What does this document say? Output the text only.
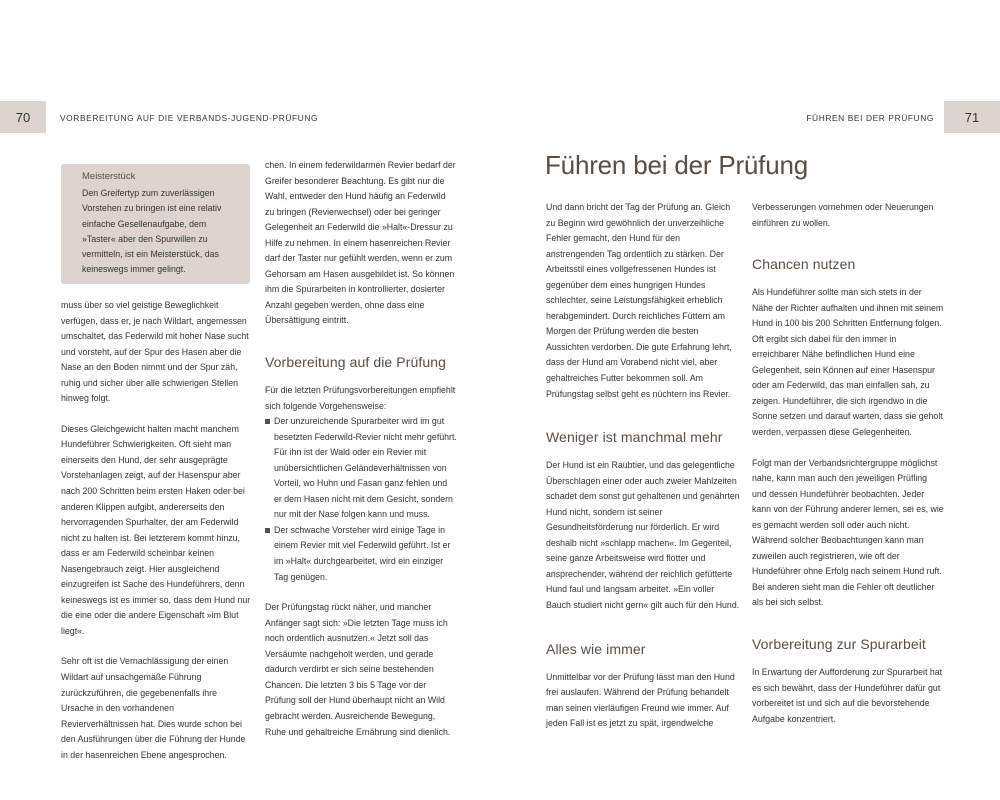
70	VORBEREITUNG AUF DIE VERBANDS-JUGEND-PRÜFUNG	FÜHREN BEI DER PRÜFUNG 71
Meisterstück
Den Greifertyp zum zuverlässigen Vorstehen zu bringen ist eine relativ einfache Gesellenaufgabe, dem »Taster« aber den Spurwillen zu vermitteln, ist ein Meisterstück, das keineswegs immer gelingt.

muss über so viel geistige Beweglichkeit verfügen, dass er, je nach Wildart, angemessen umschaltet, das Federwild mit hoher Nase sucht und vorsteht, auf der Spur des Hasen aber die Nase an den Boden nimmt und der Spur zäh, ruhig und sicher über alle schwierigen Stellen hinweg folgt.

Dieses Gleichgewicht halten macht manchem Hundeführer Schwierigkeiten. Oft sieht man einerseits den Hund, der sehr ausgeprägte Vorstehanlagen zeigt, auf der Hasenspur aber nach 200 Schritten beim ersten Haken oder bei anderen Klippen aufgibt, andererseits den hervorragenden Spurhalter, der am Federwild nicht zu halten ist. Bei letzterem kommt hinzu, dass er am Federwild scheinbar keinen Nasengebrauch zeigt. Hier ausgleichend einzugreifen ist Sache des Hundeführers, denn keineswegs ist es immer so, dass dem Hund nur die eine oder die andere Eigenschaft »im Blut liegt«.

Sehr oft ist die Vernachlässigung der einen Wildart auf unsachgemäße Führung zurückzuführen, die gegebenenfalls ihre Ursache in den vorhandenen Revierverhältnissen hat. Dies wurde schon bei den Ausführungen über die Führung der Hunde in der hasenreichen Ebene angesprochen.

chen. In einem federwildarmen Revier bedarf der Greifer besonderer Beachtung. Es gibt nur die Wahl, entweder den Hund häufig an Federwild zu bringen (Revierwechsel) oder bei geringer Gelegenheit an Federwild die »Halt«-Dressur zu Hilfe zu nehmen. In einem hasenreichen Revier darf der Taster nur gefühlt werden, wenn er zum Gehorsam am Hasen ausgebildet ist. So können ihm die Spurarbeiten in kontrollierter, dosierter Anzahl gegeben werden, ohne dass eine Übersättigung eintritt.

Vorbereitung auf die Prüfung

Für die letzten Prüfungsvorbereitungen empfiehlt sich folgende Vorgehensweise:

Der unzureichende Spurarbeiter wird im gut besetzten Federwild-Revier nicht mehr geführt. Für ihn ist der Wald oder ein Revier mit unübersichtlichen Geländeverhältnissen von Vorteil, wo Huhn und Fasan ganz fehlen und er dem Hasen nicht mit dem Gesicht, sondern nur mit der Nase folgen kann und muss.
Der schwache Vorsteher wird einige Tage in einem Revier mit viel Federwild geführt. Ist er im »Halt« durchgearbeitet, wird ein einziger Tag genügen.

Der Prüfungstag rückt näher, und mancher Anfänger sagt sich: »Die letzten Tage muss ich noch ordentlich ausnutzen.« Jetzt soll das Versäumte nachgeholt werden, und gerade dadurch verdirbt er sich seine bestehenden Chancen. Die letzten 3 bis 5 Tage vor der Prüfung soll der Hund überhaupt nicht an Wild gebracht werden. Ausreichende Bewegung, Ruhe und gehaltreiche Ernährung sind dienlich.

Führen bei der Prüfung

Und dann bricht der Tag der Prüfung an. Gleich zu Beginn wird gewöhnlich der unverzeihliche Fehler gemacht, den Hund für den anstrengenden Tag ordentlich zu stärken. Der Arbeitsstil eines vollgefressenen Hundes ist gegenüber dem eines hungrigen Hundes schlechter, seine Leistungsfähigkeit erheblich herabgemindert. Durch reichliches Füttern am Morgen der Prüfung werden die besten Aussichten verdorben. Die gute Erfahrung lehrt, dass der Hund am Vorabend nicht viel, aber gehaltreiches Futter bekommen soll. Am Prüfungstag selbst geht es nüchtern ins Revier.

Weniger ist manchmal mehr

Der Hund ist ein Raubtier, und das gelegentliche Überschlagen einer oder auch zweier Mahlzeiten schadet dem sonst gut gehaltenen und genährten Hund nicht, sondern ist seiner Gesundheitsförderung nur förderlich. Er wird deshalb nicht »schlapp machen«. Im Gegenteil, seine ganze Arbeitsweise wird flotter und ansprechender, während der reichlich gefütterte Hund faul und langsam arbeitet. »Ein voller Bauch studiert nicht gern« gilt auch für den Hund.

Alles wie immer

Unmittelbar vor der Prüfung lässt man den Hund frei auslaufen. Während der Prüfung behandelt man seinen vierläufigen Freund wie immer. Auf jeden Fall ist es jetzt zu spät, irgendwelche

Verbesserungen vornehmen oder Neuerungen einführen zu wollen.

Chancen nutzen

Als Hundeführer sollte man sich stets in der Nähe der Richter aufhalten und ihnen mit seinem Hund in 100 bis 200 Schritten Entfernung folgen. Oft ergibt sich dabei für den immer in erreichbarer Nähe befindlichen Hund eine Gelegenheit, sein Können auf einer Hasenspur oder am Federwild, das man einfallen sah, zu zeigen. Hundeführer, die sich irgendwo in die Sonne setzen und darauf warten, dass sie geholt werden, verpassen diese Gelegenheiten.

Folgt man der Verbandsrichtergruppe möglichst nahe, kann man auch den jeweiligen Prüfling und dessen Hundeführer beobachten. Jeder kann von der Führung anderer lernen, sei es, wie es gemacht werden soll oder auch nicht. Während solcher Beobachtungen kann man zuweilen auch registrieren, wie oft der Hundeführer ohne Erfolg nach seinem Hund ruft. Bei anderen sieht man die Fehler oft deutlicher als bei sich selbst.

Vorbereitung zur Spurarbeit

In Erwartung der Aufforderung zur Spurarbeit hat es sich bewährt, dass der Hundeführer dafür gut vorbereitet ist und sich auf die bevorstehende Aufgabe konzentriert.
